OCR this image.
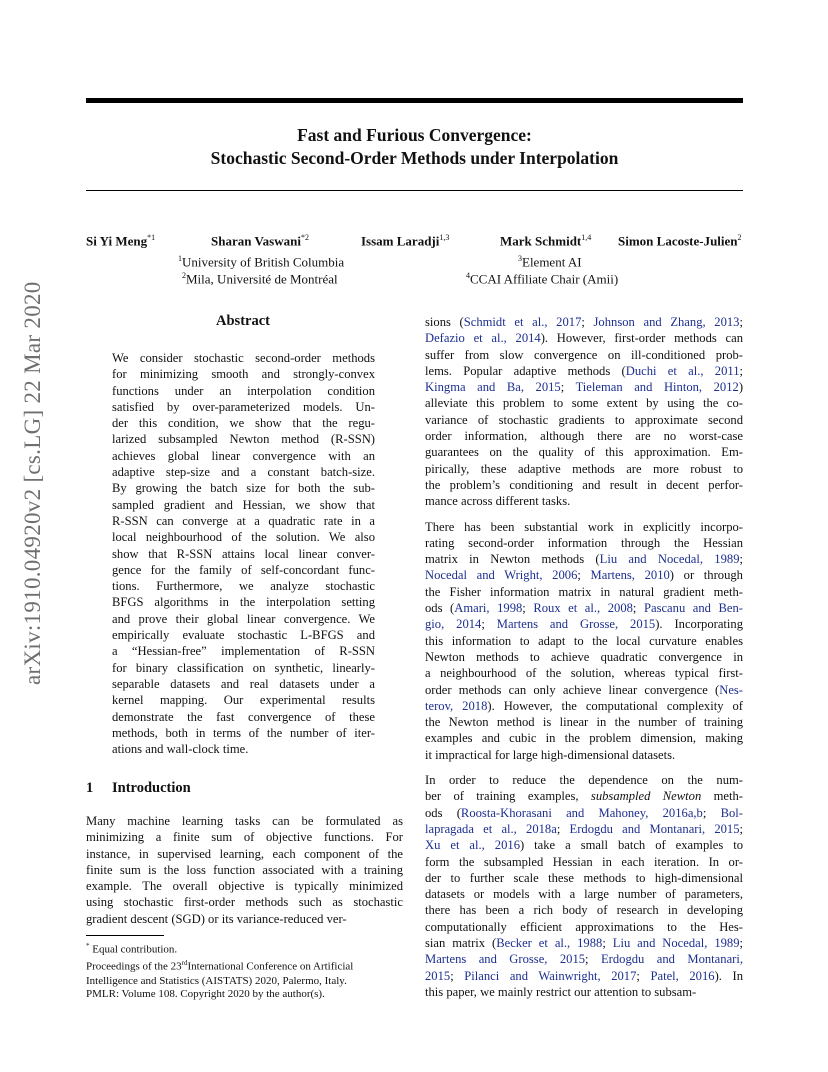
arXiv:1910.04920v2 [cs.LG] 22 Mar 2020
Fast and Furious Convergence:
Stochastic Second-Order Methods under Interpolation
Si Yi Meng$^{*1}$	Sharan Vaswani$^{*2}$	Issam Laradji$^{1,3}$	Mark Schmidt$^{1,4}$ Simon Lacoste-Julien$^2$
$^1$University of British Columbia
$^2$Mila, Université de Montréal
$^3$Element AI
$^4$CCAI Affiliate Chair (Amii)
Abstract
We consider stochastic second-order methods
for minimizing smooth and strongly-convex
functions under an interpolation condition
satisfied by over-parameterized models. Un-
der this condition, we show that the regu-
larized subsampled Newton method (R-SSN)
achieves global linear convergence with an
adaptive step-size and a constant batch-size.
By growing the batch size for both the sub-
sampled gradient and Hessian, we show that
R-SSN can converge at a quadratic rate in a
local neighbourhood of the solution. We also
show that R-SSN attains local linear conver-
gence for the family of self-concordant func-
tions. Furthermore, we analyze stochastic
BFGS algorithms in the interpolation setting
and prove their global linear convergence. We
empirically evaluate stochastic L-BFGS and
a “Hessian-free” implementation of R-SSN
for binary classification on synthetic, linearly-
separable datasets and real datasets under a
kernel mapping. Our experimental results
demonstrate the fast convergence of these
methods, both in terms of the number of iter-
ations and wall-clock time.
1 Introduction
Many machine learning tasks can be formulated as
minimizing a finite sum of objective functions. For
instance, in supervised learning, each component of the
finite sum is the loss function associated with a training
example. The overall objective is typically minimized
using stochastic first-order methods such as stochastic
gradient descent (SGD) or its variance-reduced ver-
* Equal contribution.
Proceedings of the 23rdInternational Conference on Artificial
Intelligence and Statistics (AISTATS) 2020, Palermo, Italy.
PMLR: Volume 108. Copyright 2020 by the author(s).

sions (Schmidt et al., 2017; Johnson and Zhang, 2013;
Defazio et al., 2014). However, first-order methods can
suffer from slow convergence on ill-conditioned prob-
lems. Popular adaptive methods (Duchi et al., 2011;
Kingma and Ba, 2015; Tieleman and Hinton, 2012)
alleviate this problem to some extent by using the co-
variance of stochastic gradients to approximate second
order information, although there are no worst-case
guarantees on the quality of this approximation. Em-
pirically, these adaptive methods are more robust to
the problem’s conditioning and result in decent perfor-
mance across different tasks.

There has been substantial work in explicitly incorpo-
rating second-order information through the Hessian
matrix in Newton methods (Liu and Nocedal, 1989;
Nocedal and Wright, 2006; Martens, 2010) or through
the Fisher information matrix in natural gradient meth-
ods (Amari, 1998; Roux et al., 2008; Pascanu and Ben-
gio, 2014; Martens and Grosse, 2015). Incorporating
this information to adapt to the local curvature enables
Newton methods to achieve quadratic convergence in
a neighbourhood of the solution, whereas typical first-
order methods can only achieve linear convergence (Nes-
terov, 2018). However, the computational complexity of
the Newton method is linear in the number of training
examples and cubic in the problem dimension, making
it impractical for large high-dimensional datasets.

In order to reduce the dependence on the num-
ber of training examples, subsampled Newton meth-
ods (Roosta-Khorasani and Mahoney, 2016a,b; Bol-
lapragada et al., 2018a; Erdogdu and Montanari, 2015;
Xu et al., 2016) take a small batch of examples to
form the subsampled Hessian in each iteration. In or-
der to further scale these methods to high-dimensional
datasets or models with a large number of parameters,
there has been a rich body of research in developing
computationally efficient approximations to the Hes-
sian matrix (Becker et al., 1988; Liu and Nocedal, 1989;
Martens and Grosse, 2015; Erdogdu and Montanari,
2015; Pilanci and Wainwright, 2017; Patel, 2016). In
this paper, we mainly restrict our attention to subsam-
